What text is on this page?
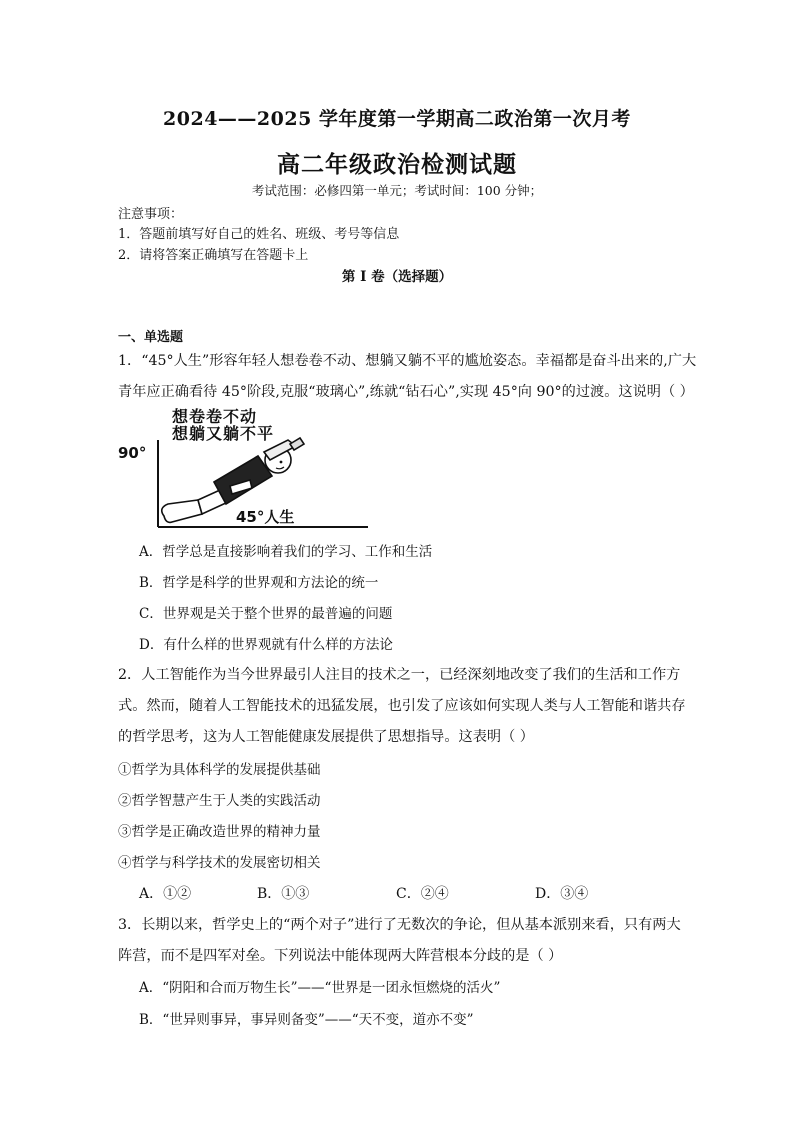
2024——2025 学年度第一学期高二政治第一次月考
高二年级政治检测试题
考试范围：必修四第一单元；考试时间：100 分钟；
注意事项：
1．答题前填写好自己的姓名、班级、考号等信息
2．请将答案正确填写在答题卡上
第 I 卷（选择题）
一、单选题
1．“45°人生”形容年轻人想卷卷不动、想躺又躺不平的尴尬姿态。幸福都是奋斗出来的,广大
青年应正确看待 45°阶段,克服“玻璃心”,练就“钻石心”,实现 45°向 90°的过渡。这说明（ ）
想卷卷不动
想躺又躺不平
90°
45°人生
A．哲学总是直接影响着我们的学习、工作和生活
B．哲学是科学的世界观和方法论的统一
C．世界观是关于整个世界的最普遍的问题
D．有什么样的世界观就有什么样的方法论
2．人工智能作为当今世界最引人注目的技术之一，已经深刻地改变了我们的生活和工作方
式。然而，随着人工智能技术的迅猛发展，也引发了应该如何实现人类与人工智能和谐共存
的哲学思考，这为人工智能健康发展提供了思想指导。这表明（ ）
①哲学为具体科学的发展提供基础
②哲学智慧产生于人类的实践活动
③哲学是正确改造世界的精神力量
④哲学与科学技术的发展密切相关
A．①②	B．①③	C．②④	D．③④
3．长期以来，哲学史上的“两个对子”进行了无数次的争论，但从基本派别来看，只有两大
阵营，而不是四军对垒。下列说法中能体现两大阵营根本分歧的是（ ）
A．“阴阳和合而万物生长”——“世界是一团永恒燃烧的活火”
B．“世异则事异，事异则备变”——“天不变，道亦不变”
